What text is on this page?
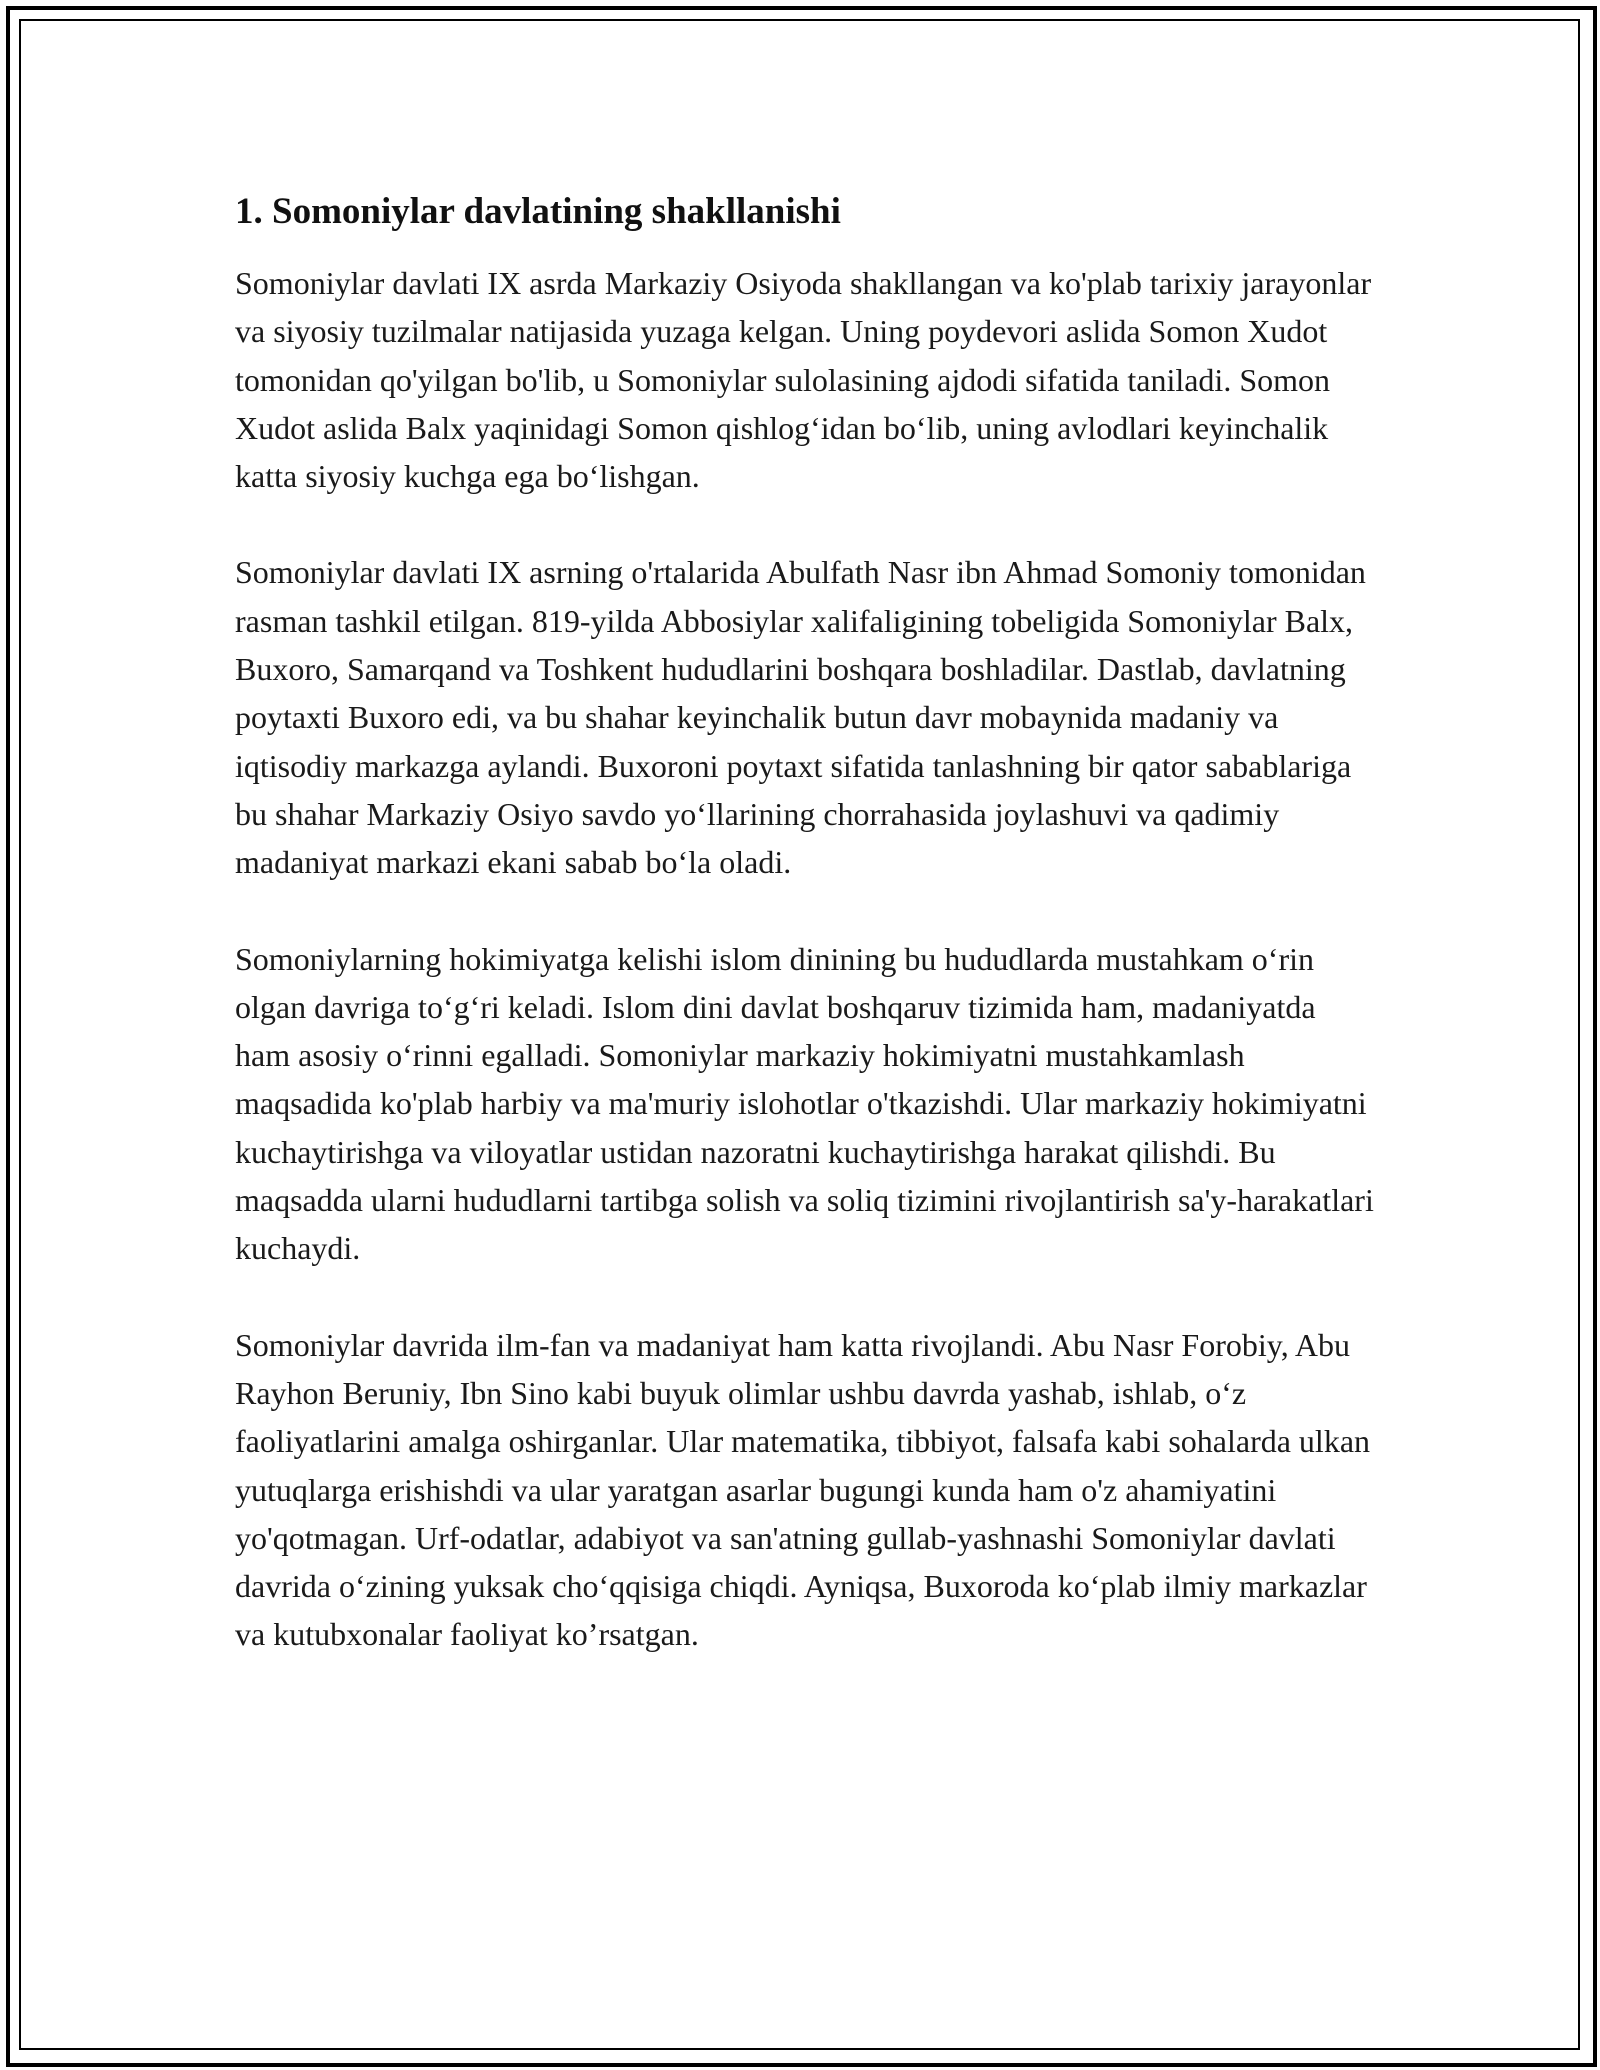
1. Somoniylar davlatining shakllanishi

Somoniylar davlati IX asrda Markaziy Osiyoda shakllangan va ko'plab tarixiy jarayonlar va siyosiy tuzilmalar natijasida yuzaga kelgan. Uning poydevori aslida Somon Xudot tomonidan qo'yilgan bo'lib, u Somoniylar sulolasining ajdodi sifatida taniladi. Somon Xudot aslida Balx yaqinidagi Somon qishlog‘idan bo‘lib, uning avlodlari keyinchalik katta siyosiy kuchga ega bo‘lishgan.

Somoniylar davlati IX asrning o'rtalarida Abulfath Nasr ibn Ahmad Somoniy tomonidan rasman tashkil etilgan. 819-yilda Abbosiylar xalifaligining tobeligida Somoniylar Balx, Buxoro, Samarqand va Toshkent hududlarini boshqara boshladilar. Dastlab, davlatning poytaxti Buxoro edi, va bu shahar keyinchalik butun davr mobaynida madaniy va iqtisodiy markazga aylandi. Buxoroni poytaxt sifatida tanlashning bir qator sabablariga bu shahar Markaziy Osiyo savdo yo‘llarining chorrahasida joylashuvi va qadimiy madaniyat markazi ekani sabab bo‘la oladi.

Somoniylarning hokimiyatga kelishi islom dinining bu hududlarda mustahkam o‘rin olgan davriga to‘g‘ri keladi. Islom dini davlat boshqaruv tizimida ham, madaniyatda ham asosiy o‘rinni egalladi. Somoniylar markaziy hokimiyatni mustahkamlash maqsadida ko'plab harbiy va ma'muriy islohotlar o'tkazishdi. Ular markaziy hokimiyatni kuchaytirishga va viloyatlar ustidan nazoratni kuchaytirishga harakat qilishdi. Bu maqsadda ularni hududlarni tartibga solish va soliq tizimini rivojlantirish sa'y-harakatlari kuchaydi.

Somoniylar davrida ilm-fan va madaniyat ham katta rivojlandi. Abu Nasr Forobiy, Abu Rayhon Beruniy, Ibn Sino kabi buyuk olimlar ushbu davrda yashab, ishlab, o‘z faoliyatlarini amalga oshirganlar. Ular matematika, tibbiyot, falsafa kabi sohalarda ulkan yutuqlarga erishishdi va ular yaratgan asarlar bugungi kunda ham o'z ahamiyatini yo'qotmagan. Urf-odatlar, adabiyot va san'atning gullab-yashnashi Somoniylar davlati davrida o‘zining yuksak cho‘qqisiga chiqdi. Ayniqsa, Buxoroda ko‘plab ilmiy markazlar va kutubxonalar faoliyat ko’rsatgan.
